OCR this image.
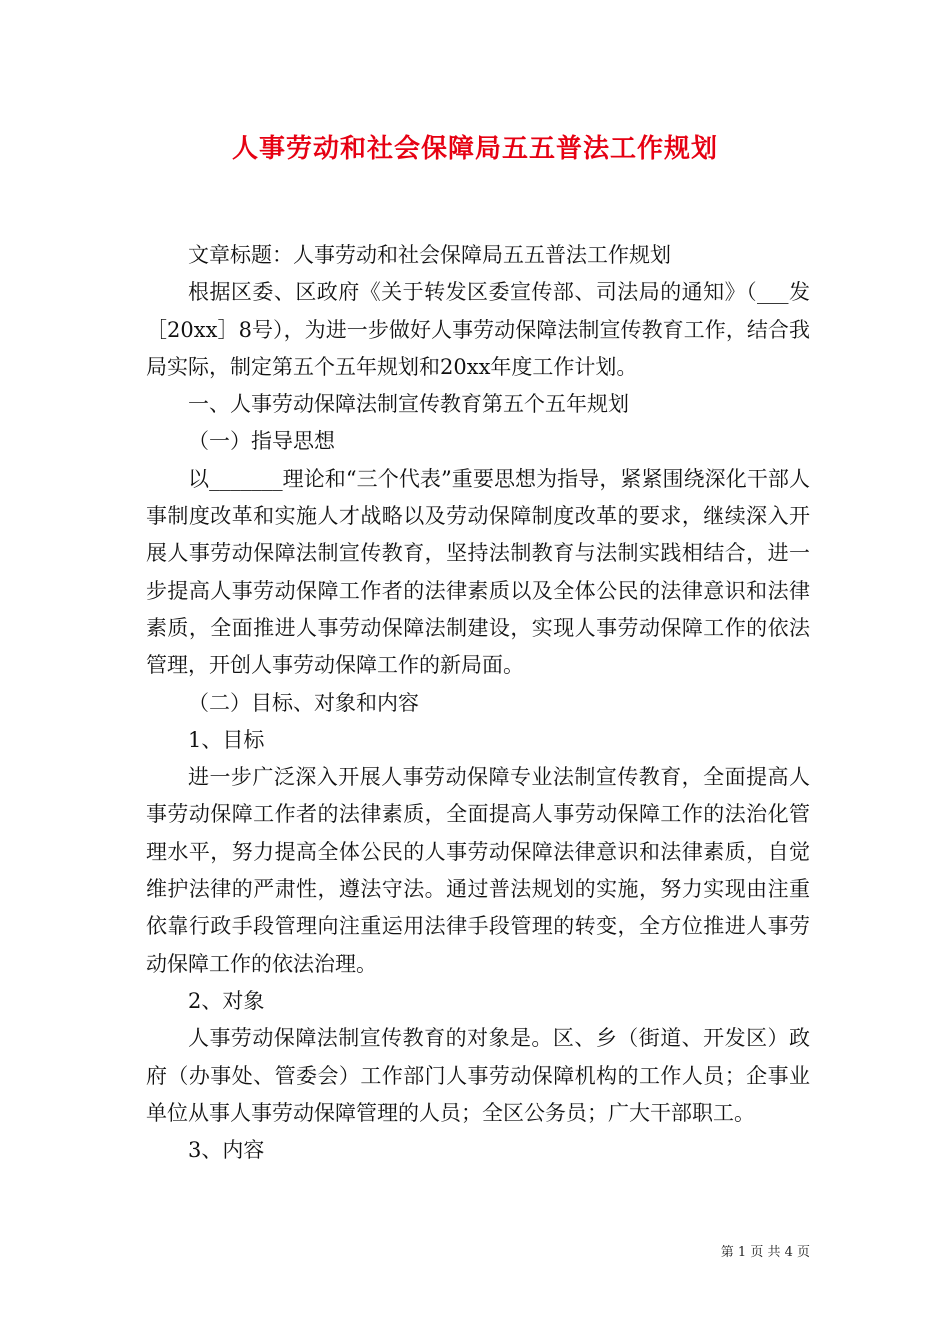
人事劳动和社会保障局五五普法工作规划

文章标题：人事劳动和社会保障局五五普法工作规划

根据区委、区政府《关于转发区委宣传部、司法局的通知》（___发［20xx］8号），为进一步做好人事劳动保障法制宣传教育工作，结合我局实际，制定第五个五年规划和20xx年度工作计划。

一、人事劳动保障法制宣传教育第五个五年规划

（一）指导思想

以_______理论和“三个代表”重要思想为指导，紧紧围绕深化干部人事制度改革和实施人才战略以及劳动保障制度改革的要求，继续深入开展人事劳动保障法制宣传教育，坚持法制教育与法制实践相结合，进一步提高人事劳动保障工作者的法律素质以及全体公民的法律意识和法律素质，全面推进人事劳动保障法制建设，实现人事劳动保障工作的依法管理，开创人事劳动保障工作的新局面。

（二）目标、对象和内容

1、目标

进一步广泛深入开展人事劳动保障专业法制宣传教育，全面提高人事劳动保障工作者的法律素质，全面提高人事劳动保障工作的法治化管理水平，努力提高全体公民的人事劳动保障法律意识和法律素质，自觉维护法律的严肃性，遵法守法。通过普法规划的实施，努力实现由注重依靠行政手段管理向注重运用法律手段管理的转变，全方位推进人事劳动保障工作的依法治理。

2、对象

人事劳动保障法制宣传教育的对象是。区、乡（街道、开发区）政府（办事处、管委会）工作部门人事劳动保障机构的工作人员；企事业单位从事人事劳动保障管理的人员；全区公务员；广大干部职工。

3、内容

第 1 页 共 4 页
